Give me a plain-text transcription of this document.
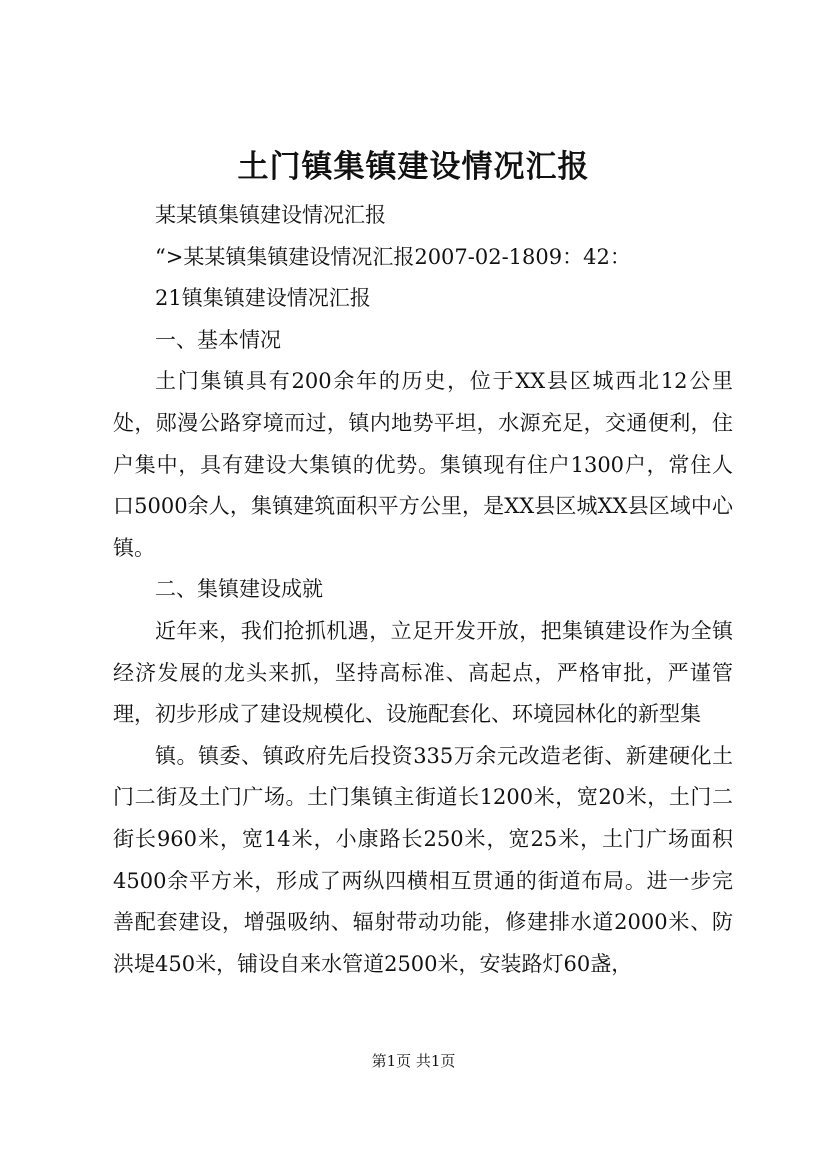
土门镇集镇建设情况汇报

某某镇集镇建设情况汇报

“>某某镇集镇建设情况汇报2007-02-1809：42：

21镇集镇建设情况汇报

一、基本情况

土门集镇具有200余年的历史，位于XX县区城西北12公里处，郧漫公路穿境而过，镇内地势平坦，水源充足，交通便利，住户集中，具有建设大集镇的优势。集镇现有住户1300户，常住人口5000余人，集镇建筑面积平方公里，是XX县区城XX县区域中心镇。

二、集镇建设成就

近年来，我们抢抓机遇，立足开发开放，把集镇建设作为全镇经济发展的龙头来抓，坚持高标准、高起点，严格审批，严谨管理，初步形成了建设规模化、设施配套化、环境园林化的新型集

镇。镇委、镇政府先后投资335万余元改造老街、新建硬化土门二街及土门广场。土门集镇主街道长1200米，宽20米，土门二街长960米，宽14米，小康路长250米，宽25米，土门广场面积4500余平方米，形成了两纵四横相互贯通的街道布局。进一步完善配套建设，增强吸纳、辐射带动功能，修建排水道2000米、防洪堤450米，铺设自来水管道2500米，安装路灯60盏，

第1页 共1页
